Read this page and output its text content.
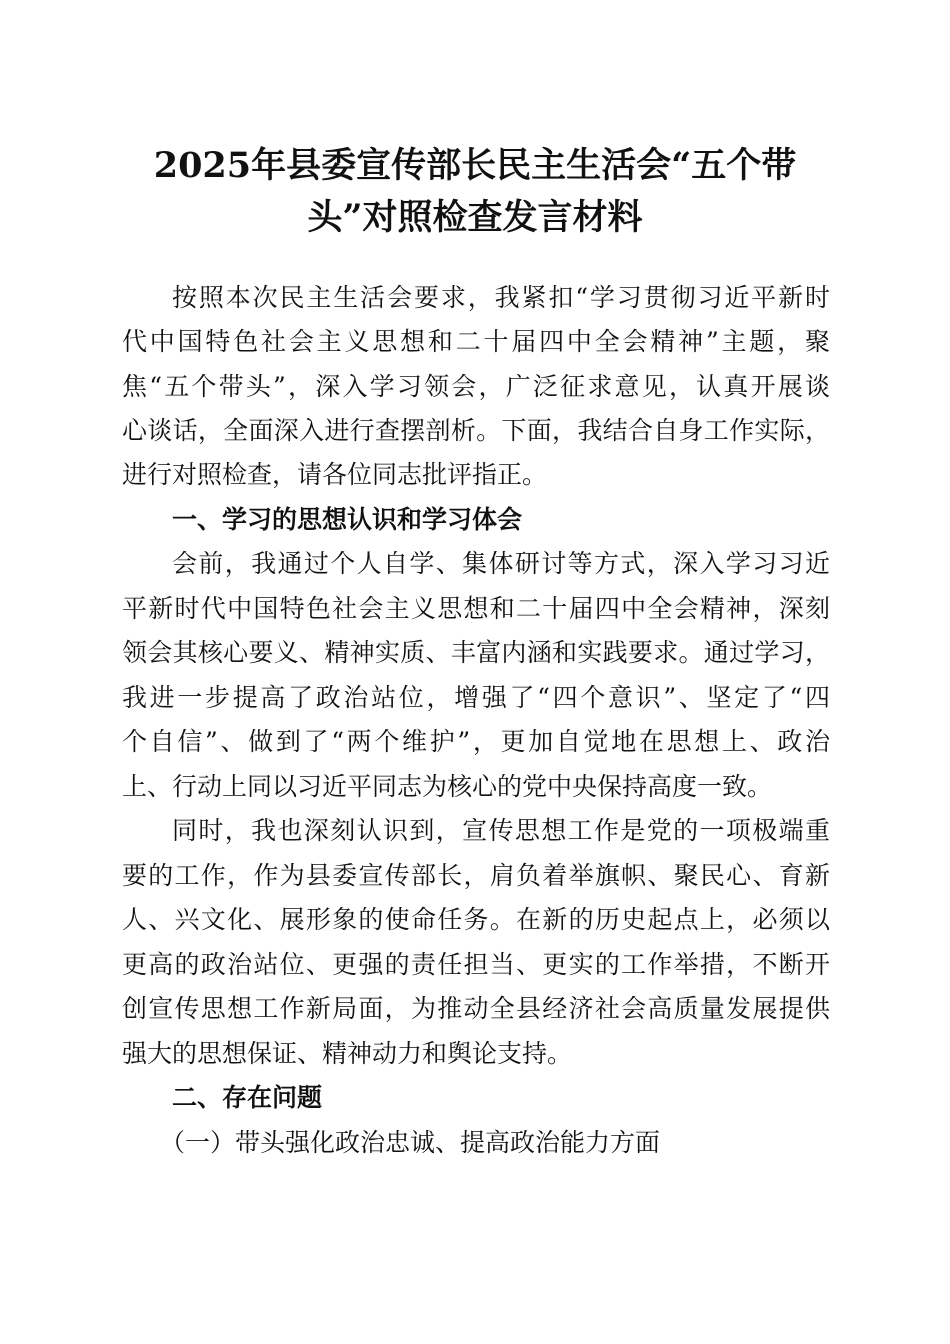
2025年县委宣传部长民主生活会“五个带
头”对照检查发言材料

按照本次民主生活会要求，我紧扣“学习贯彻习近平新时

代中国特色社会主义思想和二十届四中全会精神”主题，聚

焦“五个带头”，深入学习领会，广泛征求意见，认真开展谈

心谈话，全面深入进行查摆剖析。下面，我结合自身工作实际，

进行对照检查，请各位同志批评指正。

一、学习的思想认识和学习体会

会前，我通过个人自学、集体研讨等方式，深入学习习近

平新时代中国特色社会主义思想和二十届四中全会精神，深刻

领会其核心要义、精神实质、丰富内涵和实践要求。通过学习，

我进一步提高了政治站位，增强了“四个意识”、坚定了“四

个自信”、做到了“两个维护”，更加自觉地在思想上、政治

上、行动上同以习近平同志为核心的党中央保持高度一致。

同时，我也深刻认识到，宣传思想工作是党的一项极端重

要的工作，作为县委宣传部长，肩负着举旗帜、聚民心、育新

人、兴文化、展形象的使命任务。在新的历史起点上，必须以

更高的政治站位、更强的责任担当、更实的工作举措，不断开

创宣传思想工作新局面，为推动全县经济社会高质量发展提供

强大的思想保证、精神动力和舆论支持。

二、存在问题

（一）带头强化政治忠诚、提高政治能力方面
